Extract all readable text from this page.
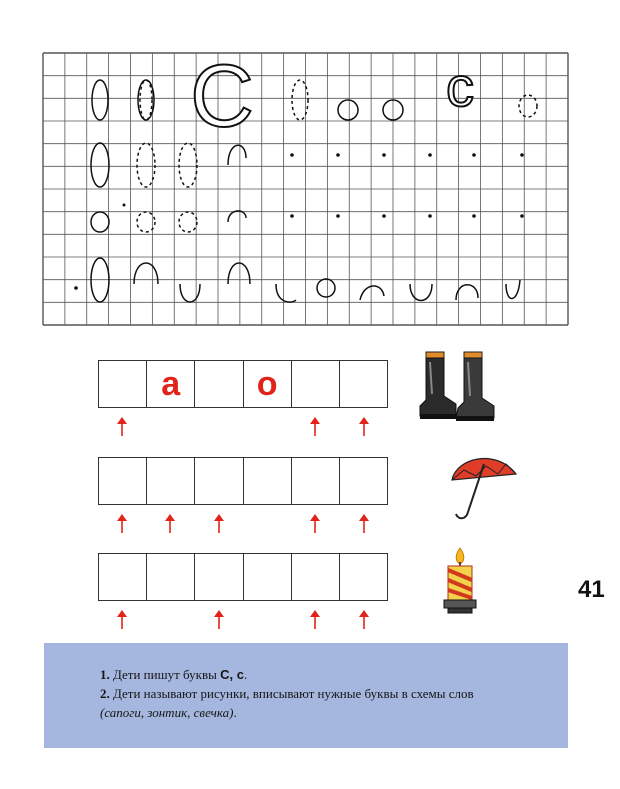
С	с
а	о
41
1. Дети пишут буквы С, с.
2. Дети называют рисунки, вписывают нужные буквы в схемы слов
(сапоги, зонтик, свечка).
